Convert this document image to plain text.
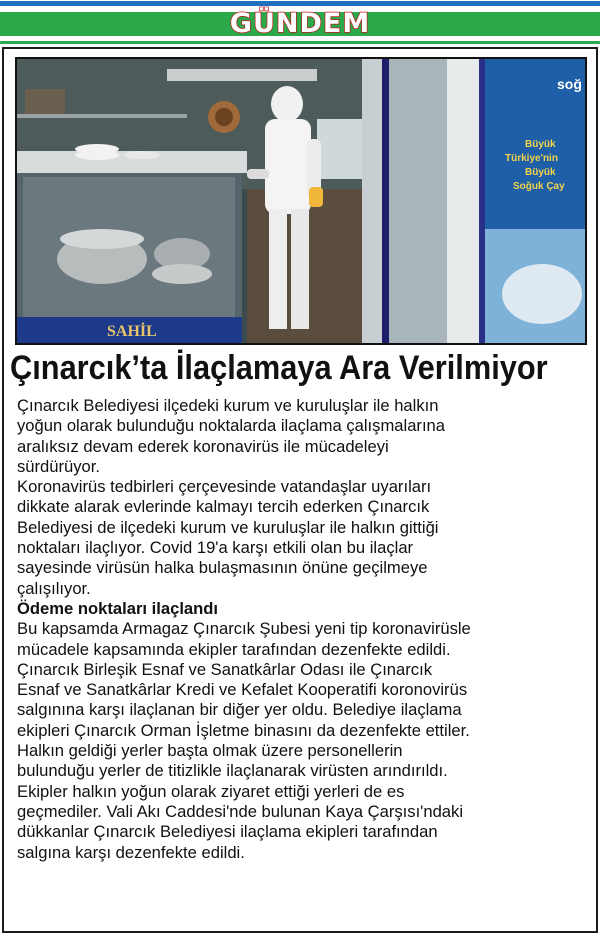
GÜNDEM
SAHİL
soğ
Büyük
Türkiye'nin
Büyük
Soğuk Çay
Çınarcık’ta İlaçlamaya Ara Verilmiyor
Çınarcık Belediyesi ilçedeki kurum ve kuruluşlar ile halkın
yoğun olarak bulunduğu noktalarda ilaçlama çalışmalarına
aralıksız devam ederek koronavirüs ile mücadeleyi
sürdürüyor.
Koronavirüs tedbirleri çerçevesinde vatandaşlar uyarıları
dikkate alarak evlerinde kalmayı tercih ederken Çınarcık
Belediyesi de ilçedeki kurum ve kuruluşlar ile halkın gittiği
noktaları ilaçlıyor. Covid 19'a karşı etkili olan bu ilaçlar
sayesinde virüsün halka bulaşmasının önüne geçilmeye
çalışılıyor.
Ödeme noktaları ilaçlandı
Bu kapsamda Armagaz Çınarcık Şubesi yeni tip koronavirüsle
mücadele kapsamında ekipler tarafından dezenfekte edildi.
Çınarcık Birleşik Esnaf ve Sanatkârlar Odası ile Çınarcık
Esnaf ve Sanatkârlar Kredi ve Kefalet Kooperatifi koronovirüs
salgınına karşı ilaçlanan bir diğer yer oldu. Belediye ilaçlama
ekipleri Çınarcık Orman İşletme binasını da dezenfekte ettiler.
Halkın geldiği yerler başta olmak üzere personellerin
bulunduğu yerler de titizlikle ilaçlanarak virüsten arındırıldı.
Ekipler halkın yoğun olarak ziyaret ettiği yerleri de es
geçmediler. Vali Akı Caddesi'nde bulunan Kaya Çarşısı'ndaki
dükkanlar Çınarcık Belediyesi ilaçlama ekipleri tarafından
salgına karşı dezenfekte edildi.
